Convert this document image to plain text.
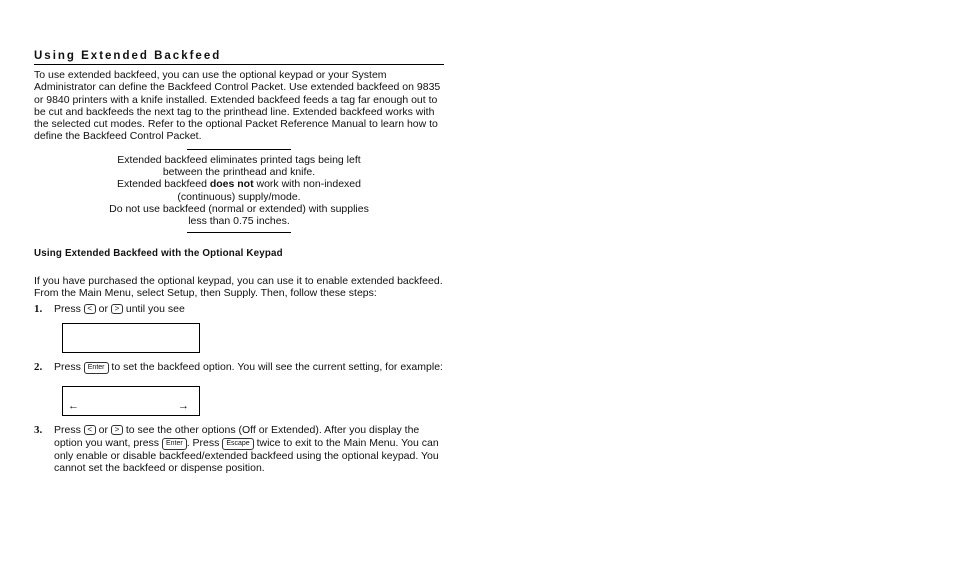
Using Extended Backfeed

To use extended backfeed, you can use the optional keypad or your System Administrator can define the Backfeed Control Packet. Use extended backfeed on 9835 or 9840 printers with a knife installed. Extended backfeed feeds a tag far enough out to be cut and backfeeds the next tag to the printhead line. Extended backfeed works with the selected cut modes. Refer to the optional Packet Reference Manual to learn how to define the Backfeed Control Packet.

Extended backfeed eliminates printed tags being left
between the printhead and knife.
Extended backfeed does not work with non-indexed
(continuous) supply/mode.
Do not use backfeed (normal or extended) with supplies
less than 0.75 inches.
Using Extended Backfeed with the Optional Keypad

If you have purchased the optional keypad, you can use it to enable extended backfeed. From the Main Menu, select Setup, then Supply. Then, follow these steps:

1.	Press < or > until you see
2.	Press Enter to set the backfeed option. You will see the current setting, for example:
←	→
3.	Press < or > to see the other options (Off or Extended). After you display the option you want, press Enter . Press Escape twice to exit to the Main Menu. You can only enable or disable backfeed/extended backfeed using the optional keypad. You cannot set the backfeed or dispense position.
